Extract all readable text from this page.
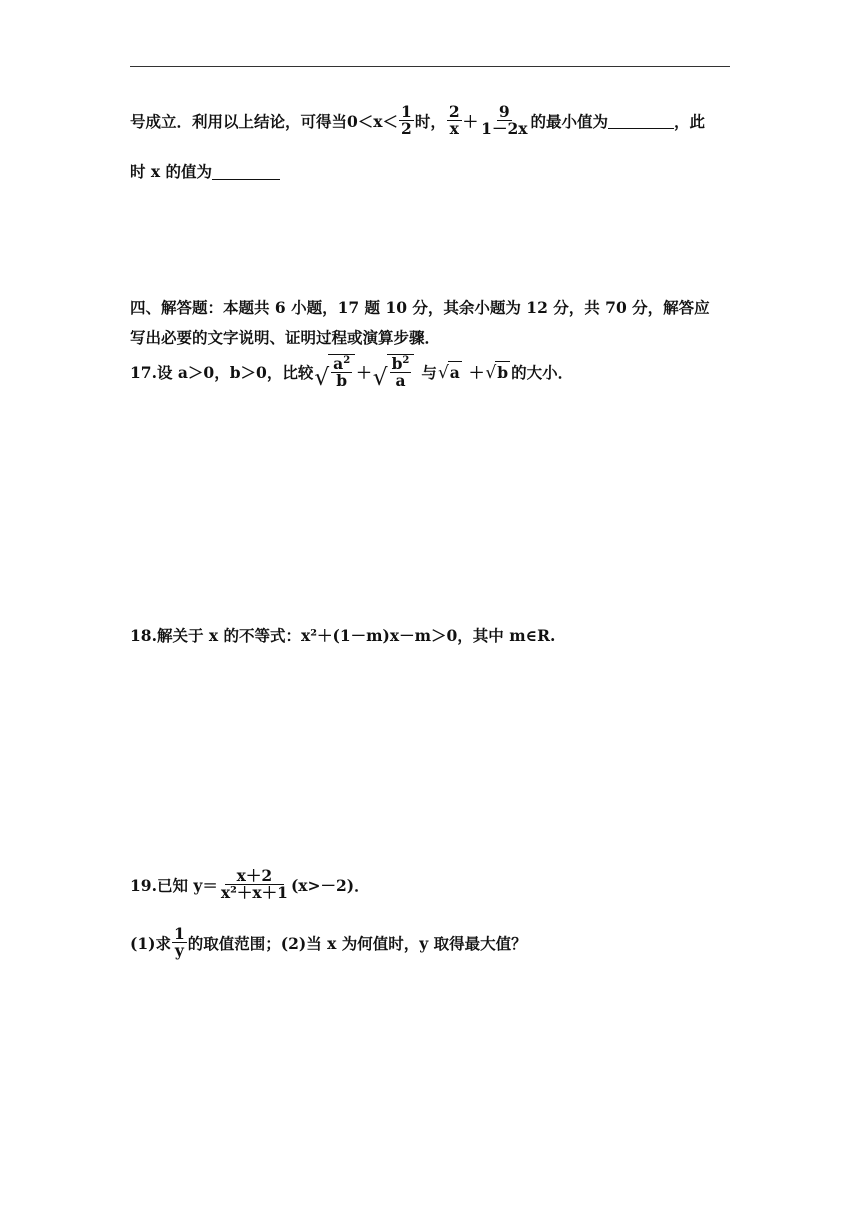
号成立．利用以上结论，可得当$0<x< \frac{1}{2}$ 时， $\frac{2}{x} + \frac{9}{1-2x}$ 的最小值为	，此
时 x 的值为
四、解答题：本题共 6 小题，17 题 10 分，其余小题为 12 分，共 70 分，解答应
写出必要的文字说明、证明过程或演算步骤．
17.设 a＞0，b＞0，比较 √ $\frac{a^2}{b}$ ＋ √ $\frac{b^2}{a}$ 与 √ a ＋ √ b 的大小．
18.解关于 x 的不等式：x²＋(1－m)x－m＞0，其中 m∈R.
19.已知 $y= \frac{x+2}{\text{x²＋x＋1}} (x>-2)$．
(1)求 $\frac{1}{y}$ 的取值范围；(2)当 x 为何值时，y 取得最大值？
